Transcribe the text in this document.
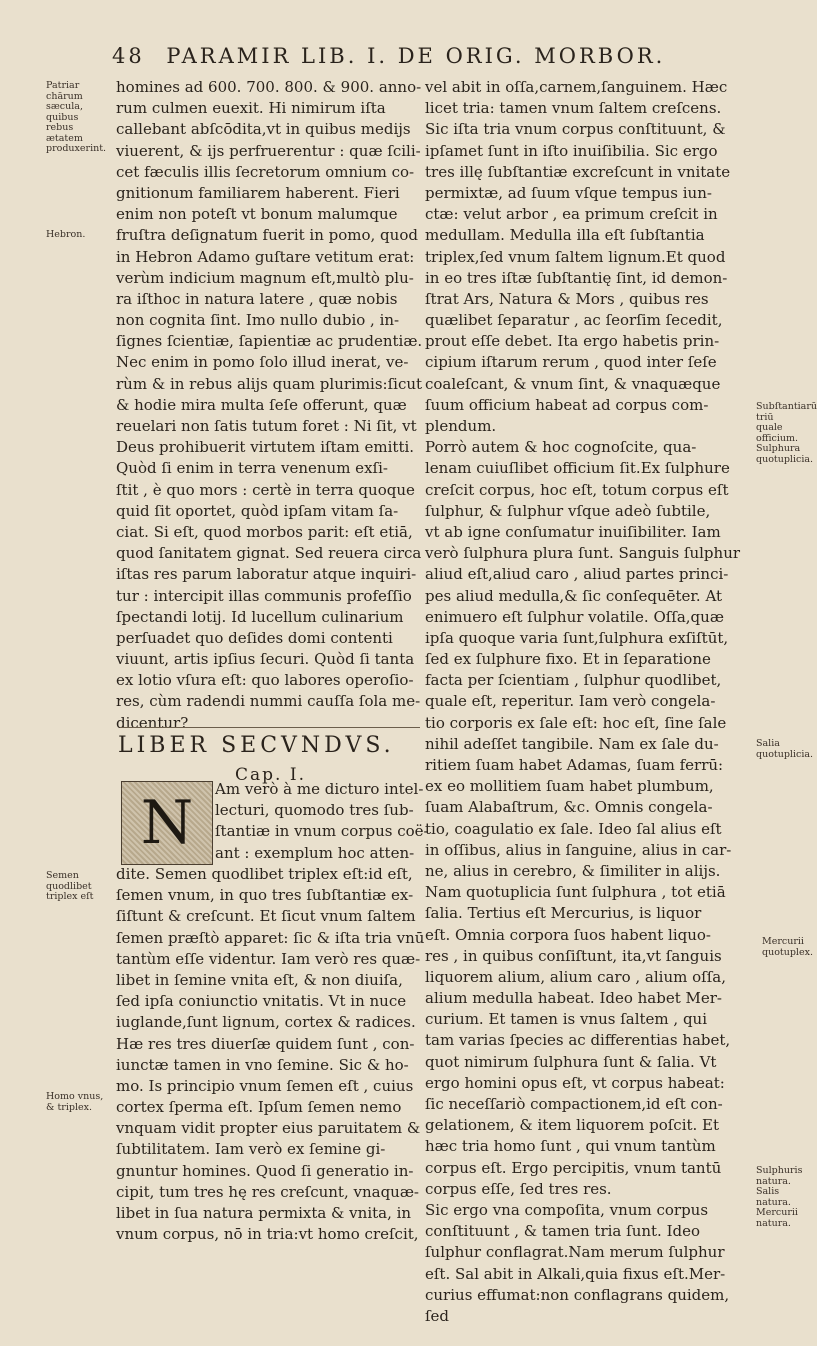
48 PARAMIR LIB. I. DE ORIG. MORBOR.
Patriar chārum sæcula, quibus rebus ætatem produxerint.
Hebron.
Semen quodlibet triplex eſt
Homo vnus, & triplex.
Subſtantiarū triū quale officium. Sulphura quotuplicia.
Salia quotuplicia.
Mercurii quotuplex.
Sulphuris natura. Salis natura. Mercurii natura.
homines ad 600. 700. 800. & 900. anno-
rum culmen euexit. Hi nimirum iſta
callebant abſcōdita,vt in quibus medijs
viuerent, & ijs perfruerentur : quæ ſcili-
cet fæculis illis ſecretorum omnium co-
gnitionum familiarem haberent. Fieri
enim non poteſt vt bonum malumque
fruſtra deſignatum fuerit in pomo, quod
in Hebron Adamo guſtare vetitum erat:
verùm indicium magnum eſt,multò plu-
ra iſthoc in natura latere , quæ nobis
non cognita ſint. Imo nullo dubio , in-
ſignes ſcientiæ, ſapientiæ ac prudentiæ.
Nec enim in pomo ſolo illud inerat, ve-
rùm & in rebus alijs quam plurimis:ſicut
& hodie mira multa ſeſe offerunt, quæ
reuelari non ſatis tutum foret : Ni ſit, vt
Deus prohibuerit virtutem iſtam emitti.
Quòd ſi enim in terra venenum exſi-
ſtit , è quo mors : certè in terra quoque
quid ſit oportet, quòd ipſam vitam ſa-
ciat. Si eſt, quod morbos parit: eſt etiā,
quod ſanitatem gignat. Sed reuera circa
iſtas res parum laboratur atque inquiri-
tur : intercipit illas communis profeſſio
ſpectandi lotij. Id lucellum culinarium
perſuadet quo deſides domi contenti
viuunt, artis ipſius ſecuri. Quòd ſi tanta
ex lotio vſura eſt: quo labores operoſio-
res, cùm radendi nummi cauſſa ſola me-
dicentur?
LIBER SECVNDVS.
Cap. I.
N	Am verò à me dicturo intel-
lecturi, quomodo tres ſub-
ſtantiæ in vnum corpus coë-
ant : exemplum hoc atten-
dite. Semen quodlibet triplex eſt:id eſt,
ſemen vnum, in quo tres ſubſtantiæ ex-
ſiſtunt & creſcunt. Et ſicut vnum ſaltem
ſemen præſtò apparet: ſic & iſta tria vnū
tantùm eſſe videntur. Iam verò res quæ-
libet in ſemine vnita eſt, & non diuiſa,
ſed ipſa coniunctio vnitatis. Vt in nuce
iuglande,ſunt lignum, cortex & radices.
Hæ res tres diuerſæ quidem ſunt , con-
iunctæ tamen in vno ſemine. Sic & ho-
mo. Is principio vnum ſemen eſt , cuius
cortex ſperma eſt. Ipſum ſemen nemo
vnquam vidit propter eius paruitatem &
ſubtilitatem. Iam verò ex ſemine gi-
gnuntur homines. Quod ſi generatio in-
cipit, tum tres hę res creſcunt, vnaquæ-
libet in ſua natura permixta & vnita, in
vnum corpus, nō in tria:vt homo creſcit,
vel abit in oſſa,carnem,ſanguinem. Hæc
licet tria: tamen vnum ſaltem creſcens.
Sic iſta tria vnum corpus conſtituunt, &
ipſamet ſunt in iſto inuiſibilia. Sic ergo
tres illę ſubſtantiæ excreſcunt in vnitate
permixtæ, ad ſuum vſque tempus iun-
ctæ: velut arbor , ea primum creſcit in
medullam. Medulla illa eſt ſubſtantia
triplex,ſed vnum ſaltem lignum.Et quod
in eo tres iſtæ ſubſtantię ſint, id demon-
ſtrat Ars, Natura & Mors , quibus res
quælibet ſeparatur , ac ſeorſim ſecedit,
prout eſſe debet. Ita ergo habetis prin-
cipium iſtarum rerum , quod inter ſeſe
coaleſcant, & vnum ſint, & vnaquæque
ſuum officium habeat ad corpus com-
plendum.
Porrò autem & hoc cognoſcite, qua-
lenam cuiuſlibet officium ſit.Ex ſulphure
creſcit corpus, hoc eſt, totum corpus eſt
ſulphur, & ſulphur vſque adeò ſubtile,
vt ab igne conſumatur inuiſibiliter. Iam
verò ſulphura plura ſunt. Sanguis ſulphur
aliud eſt,aliud caro , aliud partes princi-
pes aliud medulla,& ſic conſequēter. At
enimuero eſt ſulphur volatile. Oſſa,quæ
ipſa quoque varia ſunt,ſulphura exſiſtūt,
ſed ex ſulphure fixo. Et in ſeparatione
facta per ſcientiam , ſulphur quodlibet,
quale eſt, reperitur. Iam verò congela-
tio corporis ex ſale eſt: hoc eſt, ſine ſale
nihil adeſſet tangibile. Nam ex ſale du-
ritiem ſuam habet Adamas, ſuam ferrū:
ex eo mollitiem ſuam habet plumbum,
ſuam Alabaſtrum, &c. Omnis congela-
tio, coagulatio ex ſale. Ideo ſal alius eſt
in oſſibus, alius in ſanguine, alius in car-
ne, alius in cerebro, & ſimiliter in alijs.
Nam quotuplicia ſunt ſulphura , tot etiā
ſalia. Tertius eſt Mercurius, is liquor
eſt. Omnia corpora ſuos habent liquo-
res , in quibus conſiſtunt, ita,vt ſanguis
liquorem alium, alium caro , alium oſſa,
alium medulla habeat. Ideo habet Mer-
curium. Et tamen is vnus ſaltem , qui
tam varias ſpecies ac differentias habet,
quot nimirum ſulphura ſunt & ſalia. Vt
ergo homini opus eſt, vt corpus habeat:
ſic neceſſariò compactionem,id eſt con-
gelationem, & item liquorem poſcit. Et
hæc tria homo ſunt , qui vnum tantùm
corpus eſt. Ergo percipitis, vnum tantū
corpus eſſe, ſed tres res.
Sic ergo vna compoſita, vnum corpus
conſtituunt , & tamen tria ſunt. Ideo
ſulphur conflagrat.Nam merum ſulphur
eſt. Sal abit in Alkali,quia fixus eſt.Mer-
curius effumat:non conflagrans quidem,
ſed
